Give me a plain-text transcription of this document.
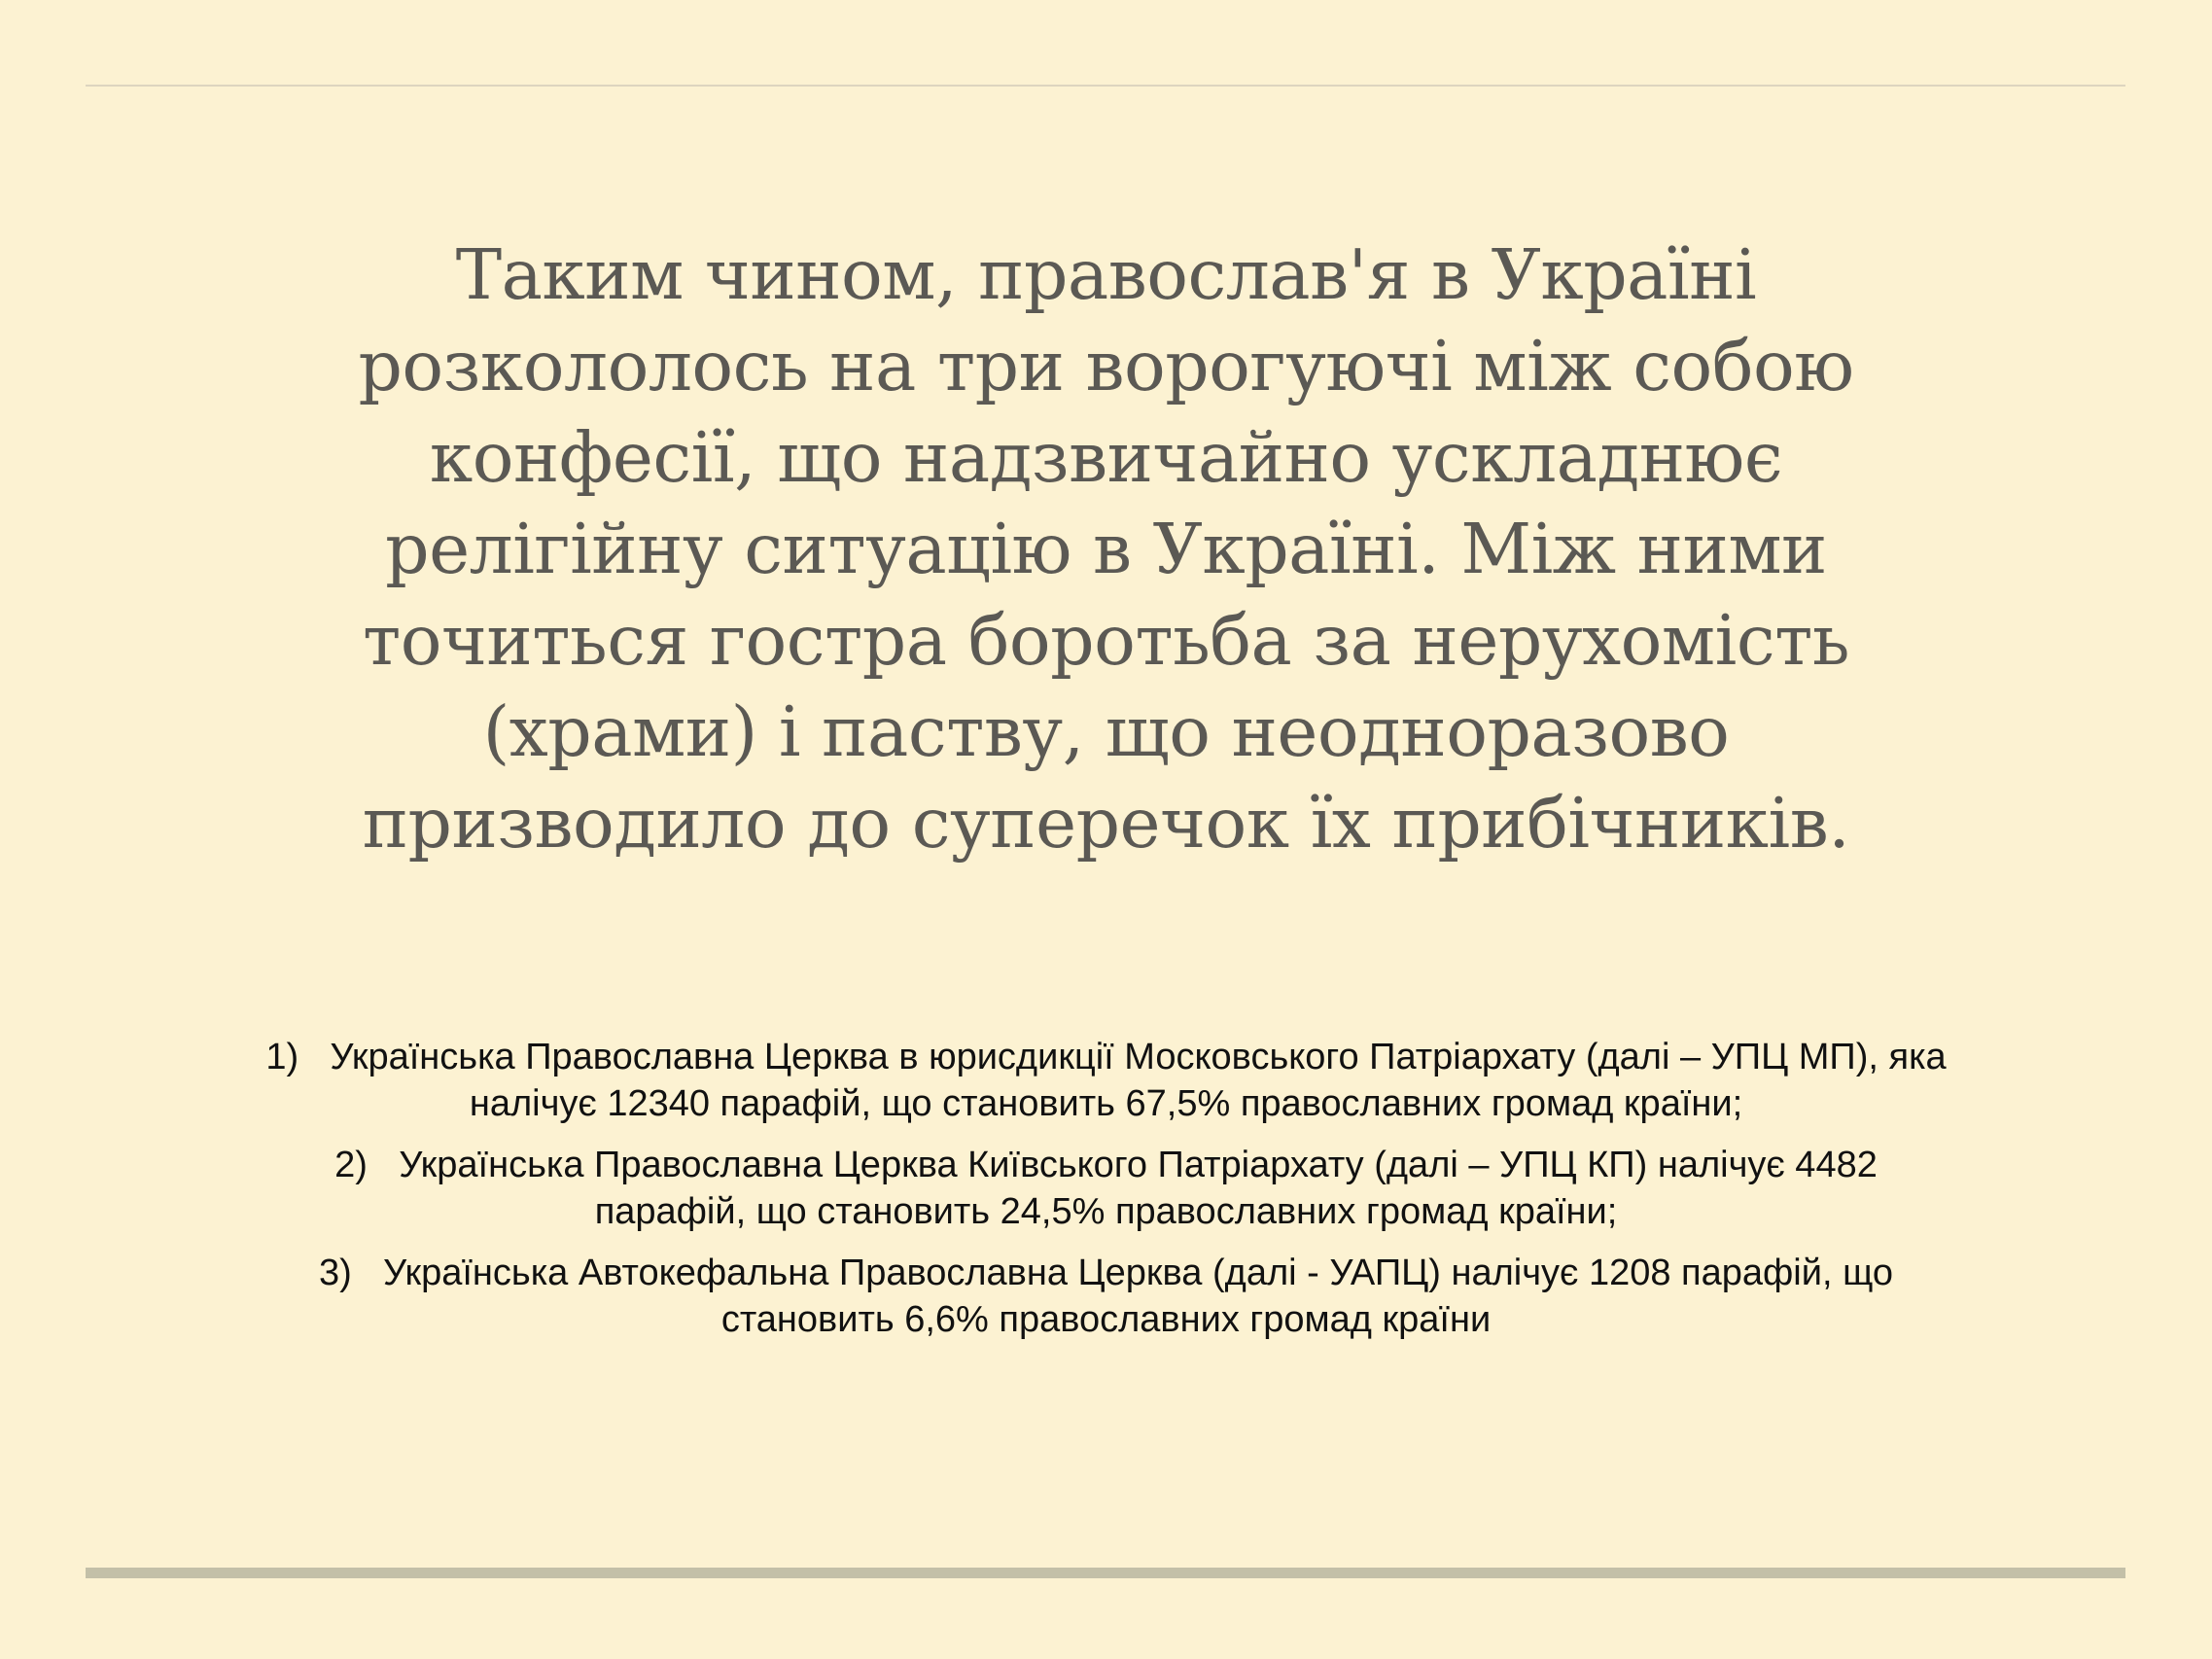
Таким чином, православ'я в Україні розкололось на три ворогуючі між собою конфесії, що надзвичайно ускладнює релігійну ситуацію в Україні. Між ними точиться гостра боротьба за нерухомість (храми) і паству, що неодноразово призводило до суперечок їх прибічників.

1) Українська Православна Церква в юрисдикції Московського Патріархату (далі – УПЦ МП), яка налічує 12340 парафій, що становить 67,5% православних громад країни;
2) Українська Православна Церква Київського Патріархату (далі – УПЦ КП) налічує 4482 парафій, що становить 24,5% православних громад країни;
3) Українська Автокефальна Православна Церква (далі - УАПЦ) налічує 1208 парафій, що становить 6,6% православних громад країни
